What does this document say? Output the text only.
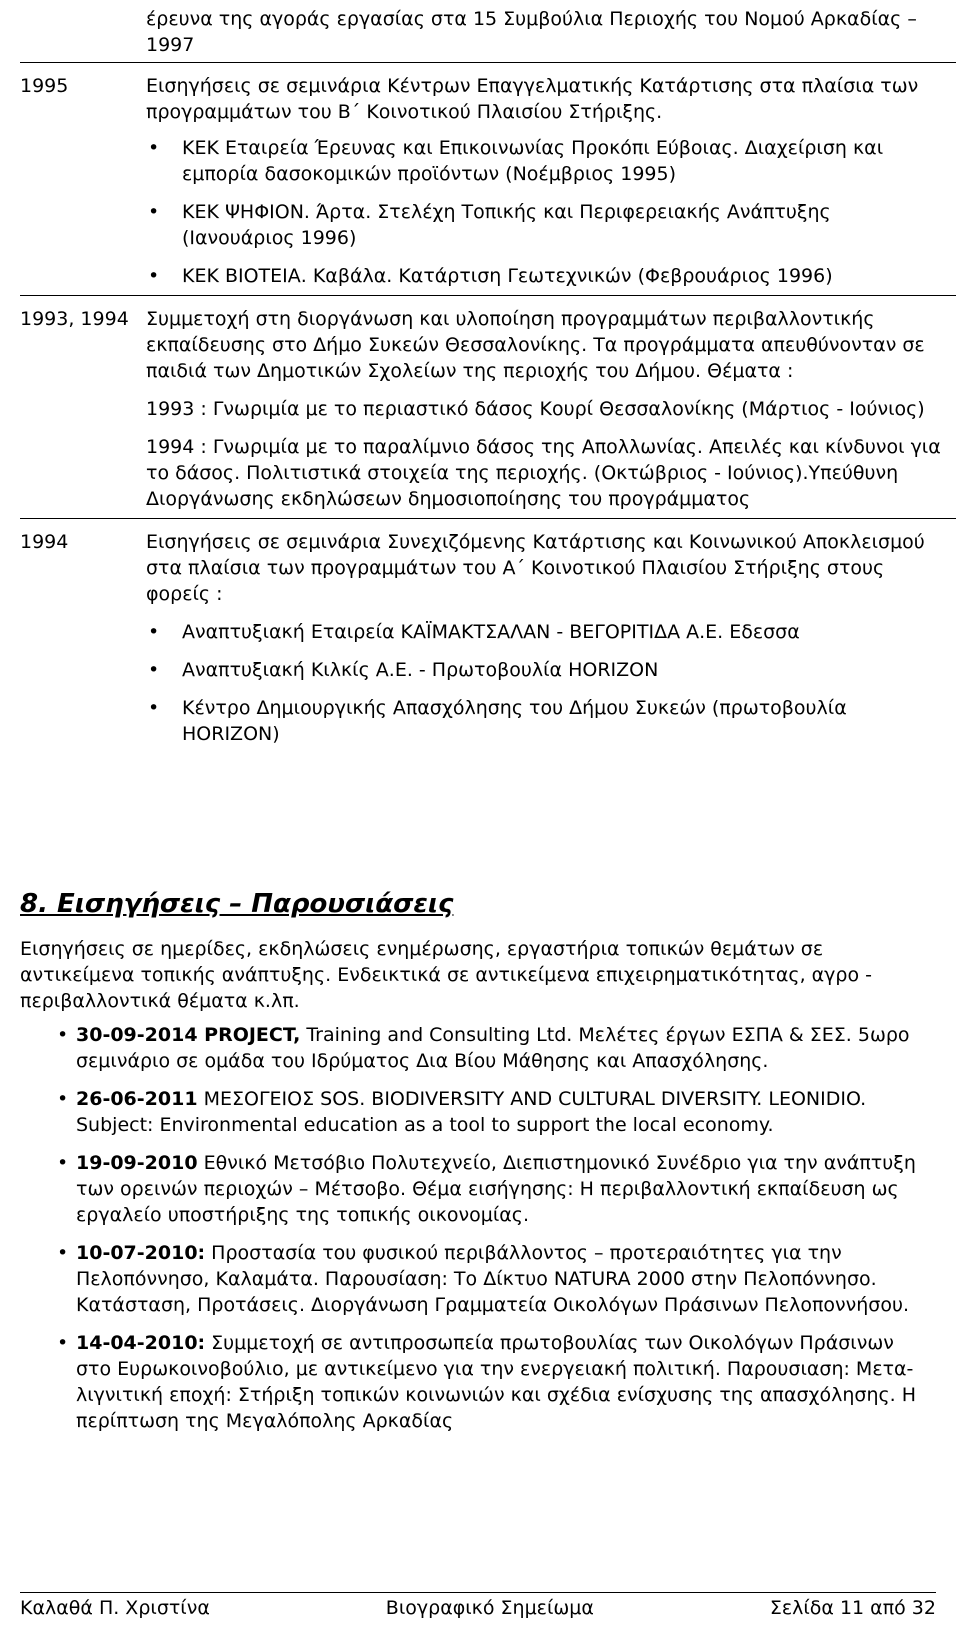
έρευνα της αγοράς εργασίας στα 15 Συμβούλια Περιοχής του Νομού Αρκαδίας – 1997

1995	Εισηγήσεις σε σεμινάρια Κέντρων Επαγγελματικής Κατάρτισης στα πλαίσια των προγραμμάτων του Β΄ Κοινοτικού Πλαισίου Στήριξης.

• ΚΕΚ Εταιρεία Έρευνας και Επικοινωνίας Προκόπι Εύβοιας. Διαχείριση και εμπορία δασοκομικών προϊόντων (Νοέμβριος 1995)
• ΚΕΚ ΨΗΦΙΟΝ. Άρτα. Στελέχη Τοπικής και Περιφερειακής Ανάπτυξης (Ιανουάριος 1996)
• ΚΕΚ ΒΙΟΤΕΙΑ. Καβάλα. Κατάρτιση Γεωτεχνικών (Φεβρουάριος 1996)
1993, 1994 Συμμετοχή στη διοργάνωση και υλοποίηση προγραμμάτων περιβαλλοντικής εκπαίδευσης στο Δήμο Συκεών Θεσσαλονίκης. Τα προγράμματα απευθύνονταν σε παιδιά των Δημοτικών Σχολείων της περιοχής του Δήμου. Θέματα :

1993 : Γνωριμία με το περιαστικό δάσος Κουρί Θεσσαλονίκης (Μάρτιος - Ιούνιος)

1994 : Γνωριμία με το παραλίμνιο δάσος της Απολλωνίας. Απειλές και κίνδυνοι για το δάσος. Πολιτιστικά στοιχεία της περιοχής. (Οκτώβριος - Ιούνιος).Υπεύθυνη Διοργάνωσης εκδηλώσεων δημοσιοποίησης του προγράμματος

1994	Εισηγήσεις σε σεμινάρια Συνεχιζόμενης Κατάρτισης και Κοινωνικού Αποκλεισμού στα πλαίσια των προγραμμάτων του Α΄ Κοινοτικού Πλαισίου Στήριξης στους φορείς :

• Αναπτυξιακή Εταιρεία ΚΑΪΜΑΚΤΣΑΛΑΝ - ΒΕΓΟΡΙΤΙΔΑ Α.Ε. Εδεσσα
• Αναπτυξιακή Κιλκίς Α.Ε. - Πρωτοβουλία HORIZON
• Κέντρο Δημιουργικής Απασχόλησης του Δήμου Συκεών (πρωτοβουλία HORIZON)
8. Εισηγήσεις – Παρουσιάσεις

Εισηγήσεις σε ημερίδες, εκδηλώσεις ενημέρωσης, εργαστήρια τοπικών θεμάτων σε αντικείμενα τοπικής ανάπτυξης. Ενδεικτικά σε αντικείμενα επιχειρηματικότητας, αγρο - περιβαλλοντικά θέματα κ.λπ.

• 30-09-2014 PROJECT, Training and Consulting Ltd. Μελέτες έργων ΕΣΠΑ & ΣΕΣ. 5ωρο σεμινάριο σε ομάδα του Ιδρύματος Δια Βίου Μάθησης και Απασχόλησης.
• 26-06-2011 ΜΕΣΟΓΕΙΟΣ SOS. BIODIVERSITY AND CULTURAL DIVERSITY. LEONIDIO. Subject: Environmental education as a tool to support the local economy.
• 19-09-2010 Εθνικό Μετσόβιο Πολυτεχνείο, Διεπιστημονικό Συνέδριο για την ανάπτυξη των ορεινών περιοχών – Μέτσοβο. Θέμα εισήγησης: Η περιβαλλοντική εκπαίδευση ως εργαλείο υποστήριξης της τοπικής οικονομίας.
• 10-07-2010: Προστασία του φυσικού περιβάλλοντος – προτεραιότητες για την Πελοπόννησο, Καλαμάτα. Παρουσίαση: Το Δίκτυο NATURA 2000 στην Πελοπόννησο. Κατάσταση, Προτάσεις. Διοργάνωση Γραμματεία Οικολόγων Πράσινων Πελοποννήσου.
• 14-04-2010: Συμμετοχή σε αντιπροσωπεία πρωτοβουλίας των Οικολόγων Πράσινων στο Ευρωκοινοβούλιο, με αντικείμενο για την ενεργειακή πολιτική. Παρουσιαση: Μετα-λιγνιτική εποχή: Στήριξη τοπικών κοινωνιών και σχέδια ενίσχυσης της απασχόλησης. Η περίπτωση της Μεγαλόπολης Αρκαδίας
Καλαθά Π. Χριστίνα	Βιογραφικό Σημείωμα	Σελίδα 11 από 32
